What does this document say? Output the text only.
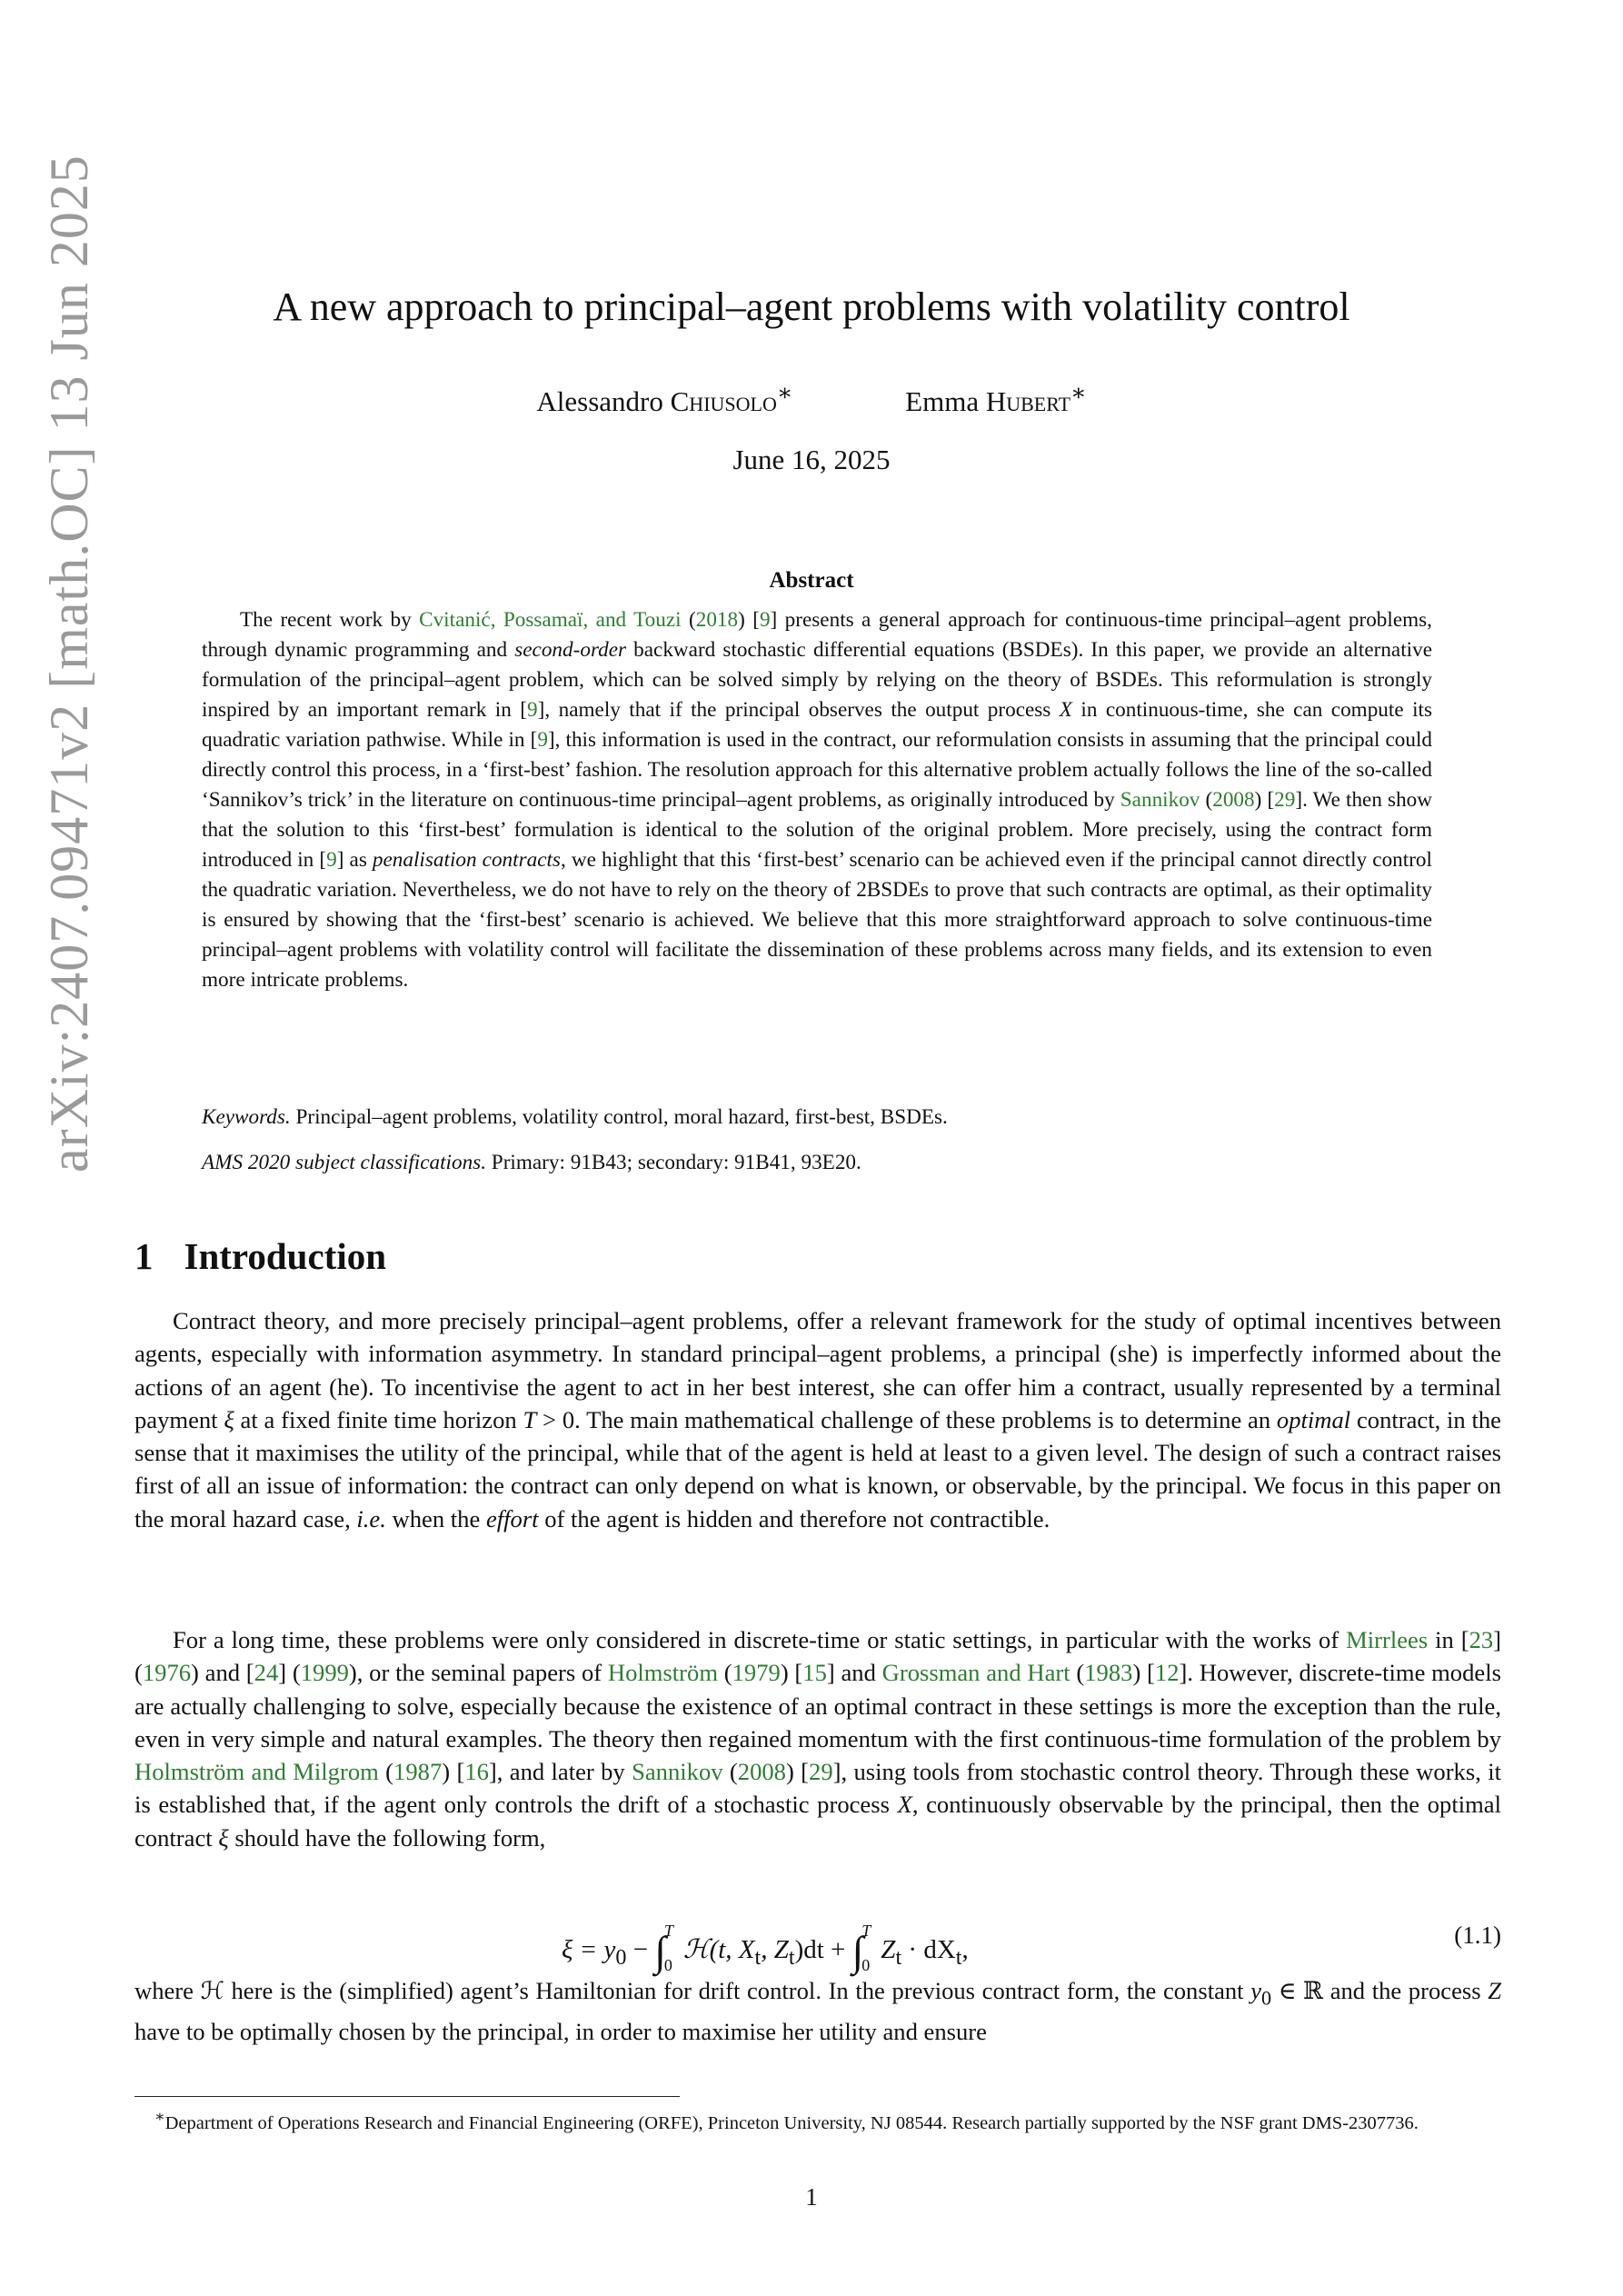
arXiv:2407.09471v2 [math.OC] 13 Jun 2025	A new approach to principal–agent problems with volatility control
Alessandro Chiusolo∗	Emma Hubert∗
June 16, 2025
Abstract
The recent work by Cvitanić, Possamaï, and Touzi (2018) [9] presents a general approach for continuous-time principal–agent problems, through dynamic programming and second-order backward stochastic differential equations (BSDEs). In this paper, we provide an alternative formulation of the principal–agent problem, which can be solved simply by relying on the theory of BSDEs. This reformulation is strongly inspired by an important remark in [9], namely that if the principal observes the output process X in continuous-time, she can compute its quadratic variation pathwise. While in [9], this information is used in the contract, our reformulation consists in assuming that the principal could directly control this process, in a ‘first-best’ fashion. The resolution approach for this alternative problem actually follows the line of the so-called ‘Sannikov’s trick’ in the literature on continuous-time principal–agent problems, as originally introduced by Sannikov (2008) [29]. We then show that the solution to this ‘first-best’ formulation is identical to the solution of the original problem. More precisely, using the contract form introduced in [9] as penalisation contracts, we highlight that this ‘first-best’ scenario can be achieved even if the principal cannot directly control the quadratic variation. Nevertheless, we do not have to rely on the theory of 2BSDEs to prove that such contracts are optimal, as their optimality is ensured by showing that the ‘first-best’ scenario is achieved. We believe that this more straightforward approach to solve continuous-time principal–agent problems with volatility control will facilitate the dissemination of these problems across many fields, and its extension to even more intricate problems.
Keywords. Principal–agent problems, volatility control, moral hazard, first-best, BSDEs.
AMS 2020 subject classifications. Primary: 91B43; secondary: 91B41, 93E20.
1 Introduction
Contract theory, and more precisely principal–agent problems, offer a relevant framework for the study of optimal incentives between agents, especially with information asymmetry. In standard principal–agent problems, a principal (she) is imperfectly informed about the actions of an agent (he). To incentivise the agent to act in her best interest, she can offer him a contract, usually represented by a terminal payment ξ at a fixed finite time horizon T > 0. The main mathematical challenge of these problems is to determine an optimal contract, in the sense that it maximises the utility of the principal, while that of the agent is held at least to a given level. The design of such a contract raises first of all an issue of information: the contract can only depend on what is known, or observable, by the principal. We focus in this paper on the moral hazard case, i.e. when the effort of the agent is hidden and therefore not contractible.
For a long time, these problems were only considered in discrete-time or static settings, in particular with the works of Mirrlees in [23] (1976) and [24] (1999), or the seminal papers of Holmström (1979) [15] and Grossman and Hart (1983) [12]. However, discrete-time models are actually challenging to solve, especially because the existence of an optimal contract in these settings is more the exception than the rule, even in very simple and natural examples. The theory then regained momentum with the first continuous-time formulation of the problem by Holmström and Milgrom (1987) [16], and later by Sannikov (2008) [29], using tools from stochastic control theory. Through these works, it is established that, if the agent only controls the drift of a stochastic process X, continuously observable by the principal, then the optimal contract ξ should have the following form,
$\xi = y_0$ − ∫$^T_0$ℋ(t, $X_t$, $Z_t)dt + \int^T_0Z_t \cdot dX_t$,	(1.1)
where ℋ here is the (simplified) agent’s Hamiltonian for drift control. In the previous contract form, the constant $y_0$ ∈ ℝ and the process Z have to be optimally chosen by the principal, in order to maximise her utility and ensure
∗Department of Operations Research and Financial Engineering (ORFE), Princeton University, NJ 08544. Research partially supported by the NSF grant DMS-2307736.
1
